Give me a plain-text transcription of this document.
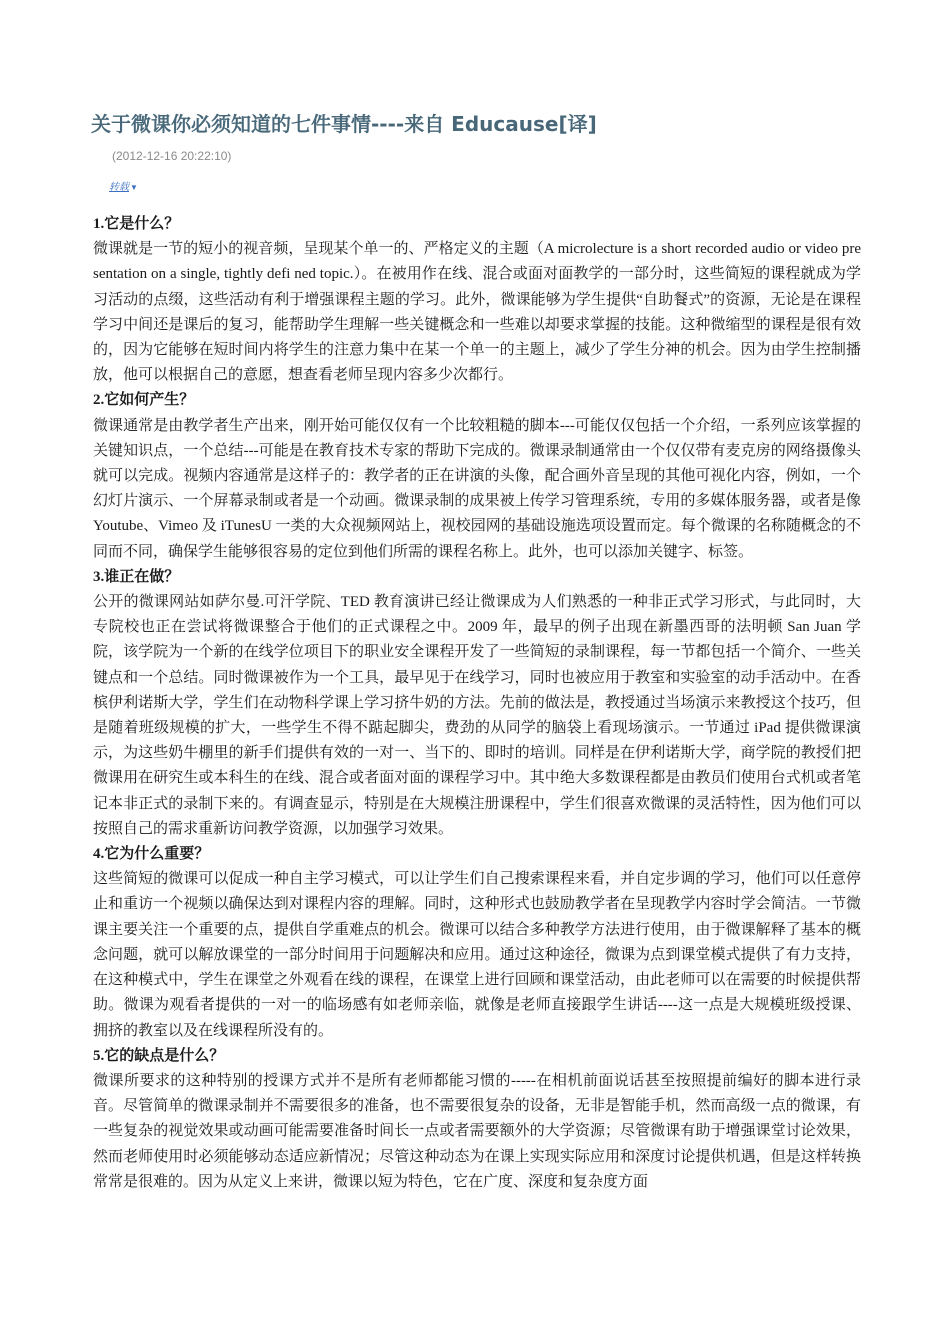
关于微课你必须知道的七件事情----来自 Educause[译]
(2012-12-16 20:22:10)
转载▼

1.它是什么？

微课就是一节的短小的视音频，呈现某个单一的、严格定义的主题（A microlecture is a short recorded audio or video presentation on a single, tightly defi ned topic.）。在被用作在线、混合或面对面教学的一部分时，这些简短的课程就成为学习活动的点缀，这些活动有利于增强课程主题的学习。此外，微课能够为学生提供“自助餐式”的资源，无论是在课程学习中间还是课后的复习，能帮助学生理解一些关键概念和一些难以却要求掌握的技能。这种微缩型的课程是很有效的，因为它能够在短时间内将学生的注意力集中在某一个单一的主题上，减少了学生分神的机会。因为由学生控制播放，他可以根据自己的意愿，想查看老师呈现内容多少次都行。

2.它如何产生？

微课通常是由教学者生产出来，刚开始可能仅仅有一个比较粗糙的脚本---可能仅仅包括一个介绍，一系列应该掌握的关键知识点，一个总结---可能是在教育技术专家的帮助下完成的。微课录制通常由一个仅仅带有麦克房的网络摄像头就可以完成。视频内容通常是这样子的：教学者的正在讲演的头像，配合画外音呈现的其他可视化内容，例如，一个幻灯片演示、一个屏幕录制或者是一个动画。微课录制的成果被上传学习管理系统，专用的多媒体服务器，或者是像 Youtube、Vimeo 及 iTunesU 一类的大众视频网站上，视校园网的基础设施选项设置而定。每个微课的名称随概念的不同而不同，确保学生能够很容易的定位到他们所需的课程名称上。此外，也可以添加关键字、标签。

3.谁正在做？

公开的微课网站如萨尔曼.可汗学院、TED 教育演讲已经让微课成为人们熟悉的一种非正式学习形式，与此同时，大专院校也正在尝试将微课整合于他们的正式课程之中。2009 年，最早的例子出现在新墨西哥的法明顿 San Juan 学院，该学院为一个新的在线学位项目下的职业安全课程开发了一些简短的录制课程，每一节都包括一个简介、一些关键点和一个总结。同时微课被作为一个工具，最早见于在线学习，同时也被应用于教室和实验室的动手活动中。在香槟伊利诺斯大学，学生们在动物科学课上学习挤牛奶的方法。先前的做法是，教授通过当场演示来教授这个技巧，但是随着班级规模的扩大，一些学生不得不踮起脚尖，费劲的从同学的脑袋上看现场演示。一节通过 iPad 提供微课演示，为这些奶牛棚里的新手们提供有效的一对一、当下的、即时的培训。同样是在伊利诺斯大学，商学院的教授们把微课用在研究生或本科生的在线、混合或者面对面的课程学习中。其中绝大多数课程都是由教员们使用台式机或者笔记本非正式的录制下来的。有调查显示，特别是在大规模注册课程中，学生们很喜欢微课的灵活特性，因为他们可以按照自己的需求重新访问教学资源，以加强学习效果。

4.它为什么重要？

这些简短的微课可以促成一种自主学习模式，可以让学生们自己搜索课程来看，并自定步调的学习，他们可以任意停止和重访一个视频以确保达到对课程内容的理解。同时，这种形式也鼓励教学者在呈现教学内容时学会简洁。一节微课主要关注一个重要的点，提供自学重难点的机会。微课可以结合多种教学方法进行使用，由于微课解释了基本的概念问题，就可以解放课堂的一部分时间用于问题解决和应用。通过这种途径，微课为点到课堂模式提供了有力支持，在这种模式中，学生在课堂之外观看在线的课程，在课堂上进行回顾和课堂活动，由此老师可以在需要的时候提供帮助。微课为观看者提供的一对一的临场感有如老师亲临，就像是老师直接跟学生讲话----这一点是大规模班级授课、拥挤的教室以及在线课程所没有的。

5.它的缺点是什么？

微课所要求的这种特别的授课方式并不是所有老师都能习惯的-----在相机前面说话甚至按照提前编好的脚本进行录音。尽管简单的微课录制并不需要很多的准备，也不需要很复杂的设备，无非是智能手机，然而高级一点的微课，有一些复杂的视觉效果或动画可能需要准备时间长一点或者需要额外的大学资源；尽管微课有助于增强课堂讨论效果，然而老师使用时必须能够动态适应新情况；尽管这种动态为在课上实现实际应用和深度讨论提供机遇，但是这样转换常常是很难的。因为从定义上来讲，微课以短为特色，它在广度、深度和复杂度方面
